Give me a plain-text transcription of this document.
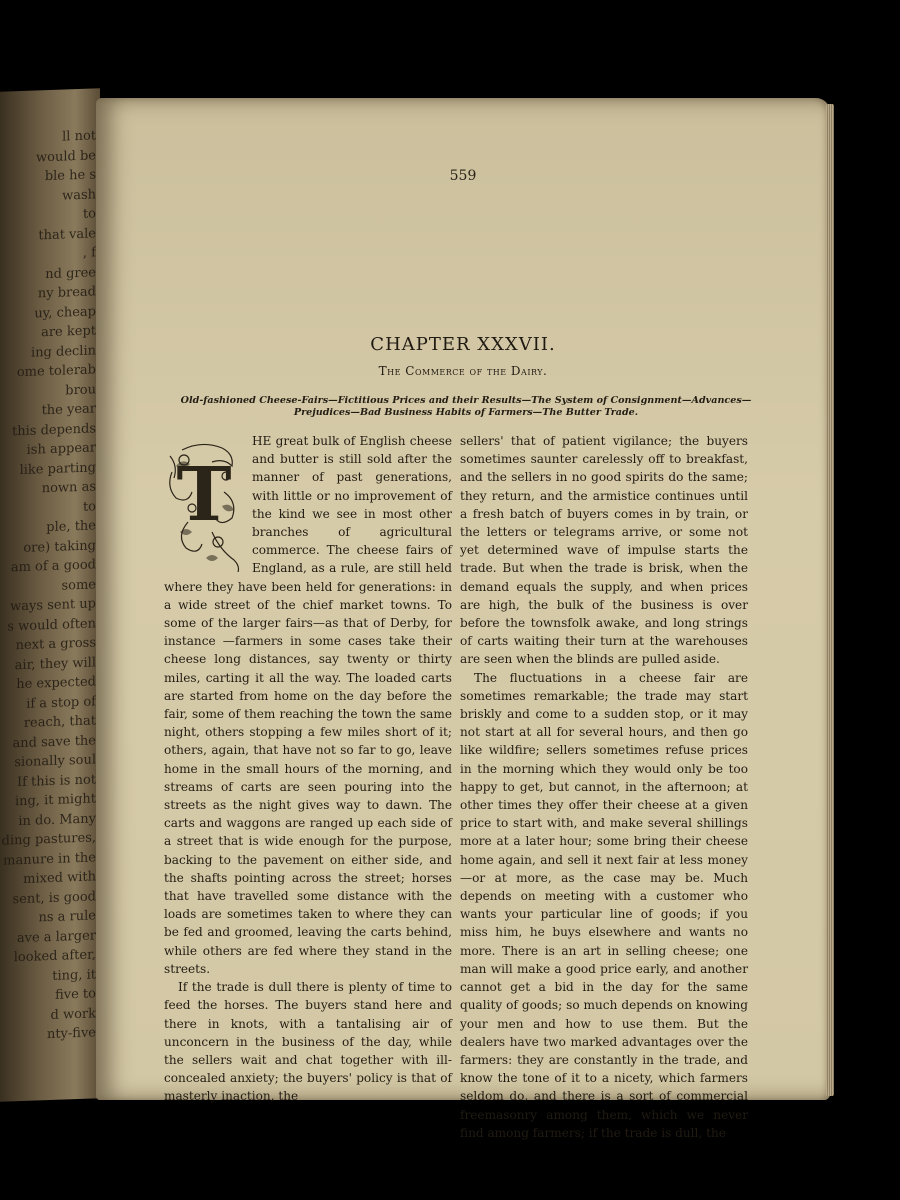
ll not
would be
ble he s
wash
to
that vale
, f
nd gree
ny bread
uy, cheap
are kept
ing declin
ome tolerab
brou
the year
this depends
ish appear
like parting
nown as
to
ple, the
ore) taking
am of a good
some
ways sent up
s would often
next a gross
air, they will
he expected
if a stop of
reach, that
and save the
sionally soul
If this is not
ing, it might
in do. Many
ding pastures,
manure in the
mixed with
sent, is good
ns a rule
ave a larger
looked after,
ting, it
five to
d work
nty-five
559
CHAPTER XXXVII.
The Commerce of the Dairy.
Old-fashioned Cheese-Fairs—Fictitious Prices and their Results—The System of Consignment—Advances—Prejudices—Bad Business Habits of Farmers—The Butter Trade.
T

HE great bulk of English cheese and butter is still sold after the manner of past generations, with little or no improvement of the kind we see in most other branches of agricultural commerce. The cheese fairs of England, as a rule, are still held where they have been held for generations: in a wide street of the chief market towns. To some of the larger fairs—as that of Derby, for instance —farmers in some cases take their cheese long distances, say twenty or thirty miles, carting it all the way. The loaded carts are started from home on the day before the fair, some of them reaching the town the same night, others stopping a few miles short of it; others, again, that have not so far to go, leave home in the small hours of the morning, and streams of carts are seen pouring into the streets as the night gives way to dawn. The carts and waggons are ranged up each side of a street that is wide enough for the purpose, backing to the pavement on either side, and the shafts pointing across the street; horses that have travelled some distance with the loads are sometimes taken to where they can be fed and groomed, leaving the carts behind, while others are fed where they stand in the streets.

If the trade is dull there is plenty of time to feed the horses. The buyers stand here and there in knots, with a tantalising air of unconcern in the business of the day, while the sellers wait and chat together with ill-concealed anxiety; the buyers' policy is that of masterly inaction, the

sellers' that of patient vigilance; the buyers sometimes saunter carelessly off to breakfast, and the sellers in no good spirits do the same; they return, and the armistice continues until a fresh batch of buyers comes in by train, or the letters or telegrams arrive, or some not yet determined wave of impulse starts the trade. But when the trade is brisk, when the demand equals the supply, and when prices are high, the bulk of the business is over before the townsfolk awake, and long strings of carts waiting their turn at the warehouses are seen when the blinds are pulled aside.

The fluctuations in a cheese fair are sometimes remarkable; the trade may start briskly and come to a sudden stop, or it may not start at all for several hours, and then go like wildfire; sellers sometimes refuse prices in the morning which they would only be too happy to get, but cannot, in the afternoon; at other times they offer their cheese at a given price to start with, and make several shillings more at a later hour; some bring their cheese home again, and sell it next fair at less money—or at more, as the case may be. Much depends on meeting with a customer who wants your particular line of goods; if you miss him, he buys elsewhere and wants no more. There is an art in selling cheese; one man will make a good price early, and another cannot get a bid in the day for the same quality of goods; so much depends on knowing your men and how to use them. But the dealers have two marked advantages over the farmers: they are constantly in the trade, and know the tone of it to a nicety, which farmers seldom do, and there is a sort of commercial freemasonry among them, which we never find among farmers; if the trade is dull, the
